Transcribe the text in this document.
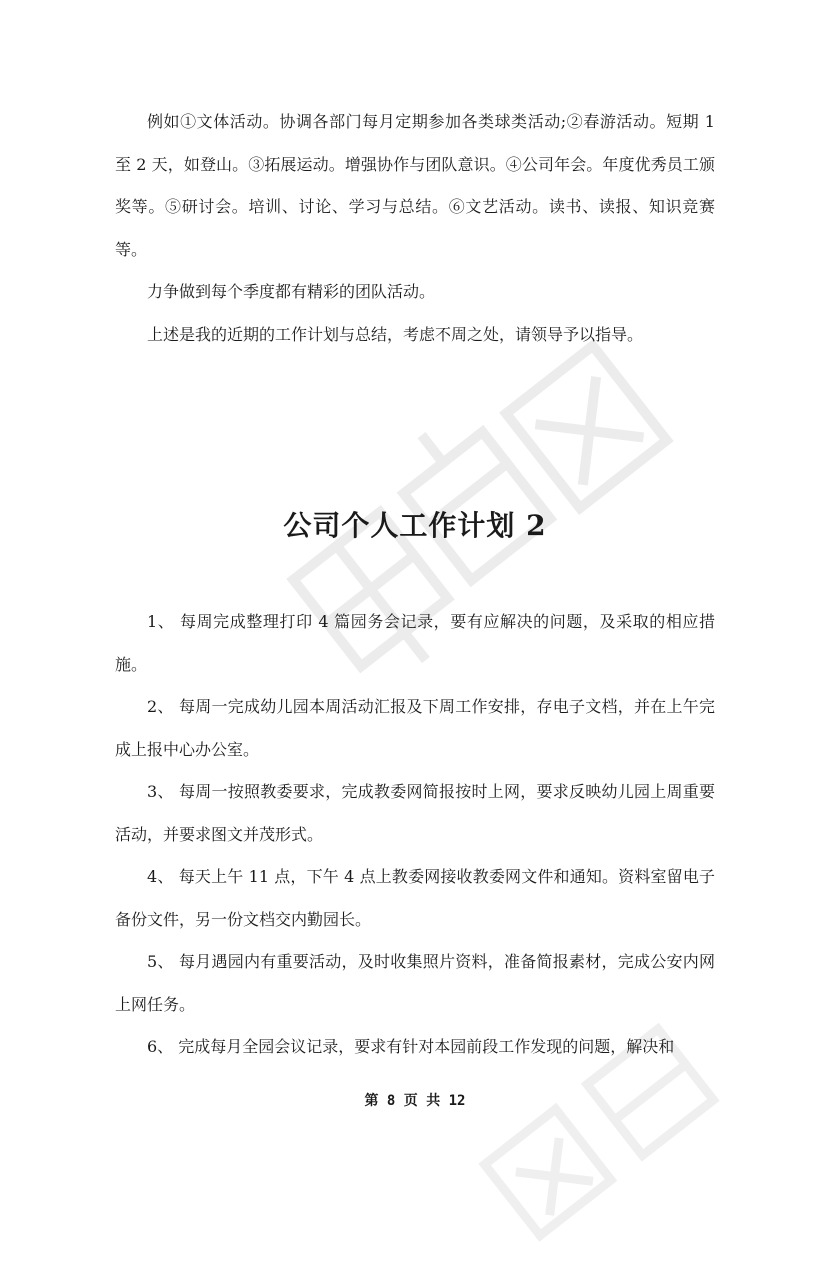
例如①文体活动。协调各部门每月定期参加各类球类活动;②春游活动。短期 1 至 2 天，如登山。③拓展运动。增强协作与团队意识。④公司年会。年度优秀员工颁奖等。⑤研讨会。培训、讨论、学习与总结。⑥文艺活动。读书、读报、知识竞赛等。

力争做到每个季度都有精彩的团队活动。

上述是我的近期的工作计划与总结，考虑不周之处，请领导予以指导。

公司个人工作计划 2

1、 每周完成整理打印 4 篇园务会记录，要有应解决的问题，及采取的相应措施。

2、 每周一完成幼儿园本周活动汇报及下周工作安排，存电子文档，并在上午完成上报中心办公室。

3、 每周一按照教委要求，完成教委网简报按时上网，要求反映幼儿园上周重要活动，并要求图文并茂形式。

4、 每天上午 11 点，下午 4 点上教委网接收教委网文件和通知。资料室留电子备份文件，另一份文档交内勤园长。

5、 每月遇园内有重要活动，及时收集照片资料，准备简报素材，完成公安内网上网任务。

6、 完成每月全园会议记录，要求有针对本园前段工作发现的问题，解决和

第 8 页 共 12
